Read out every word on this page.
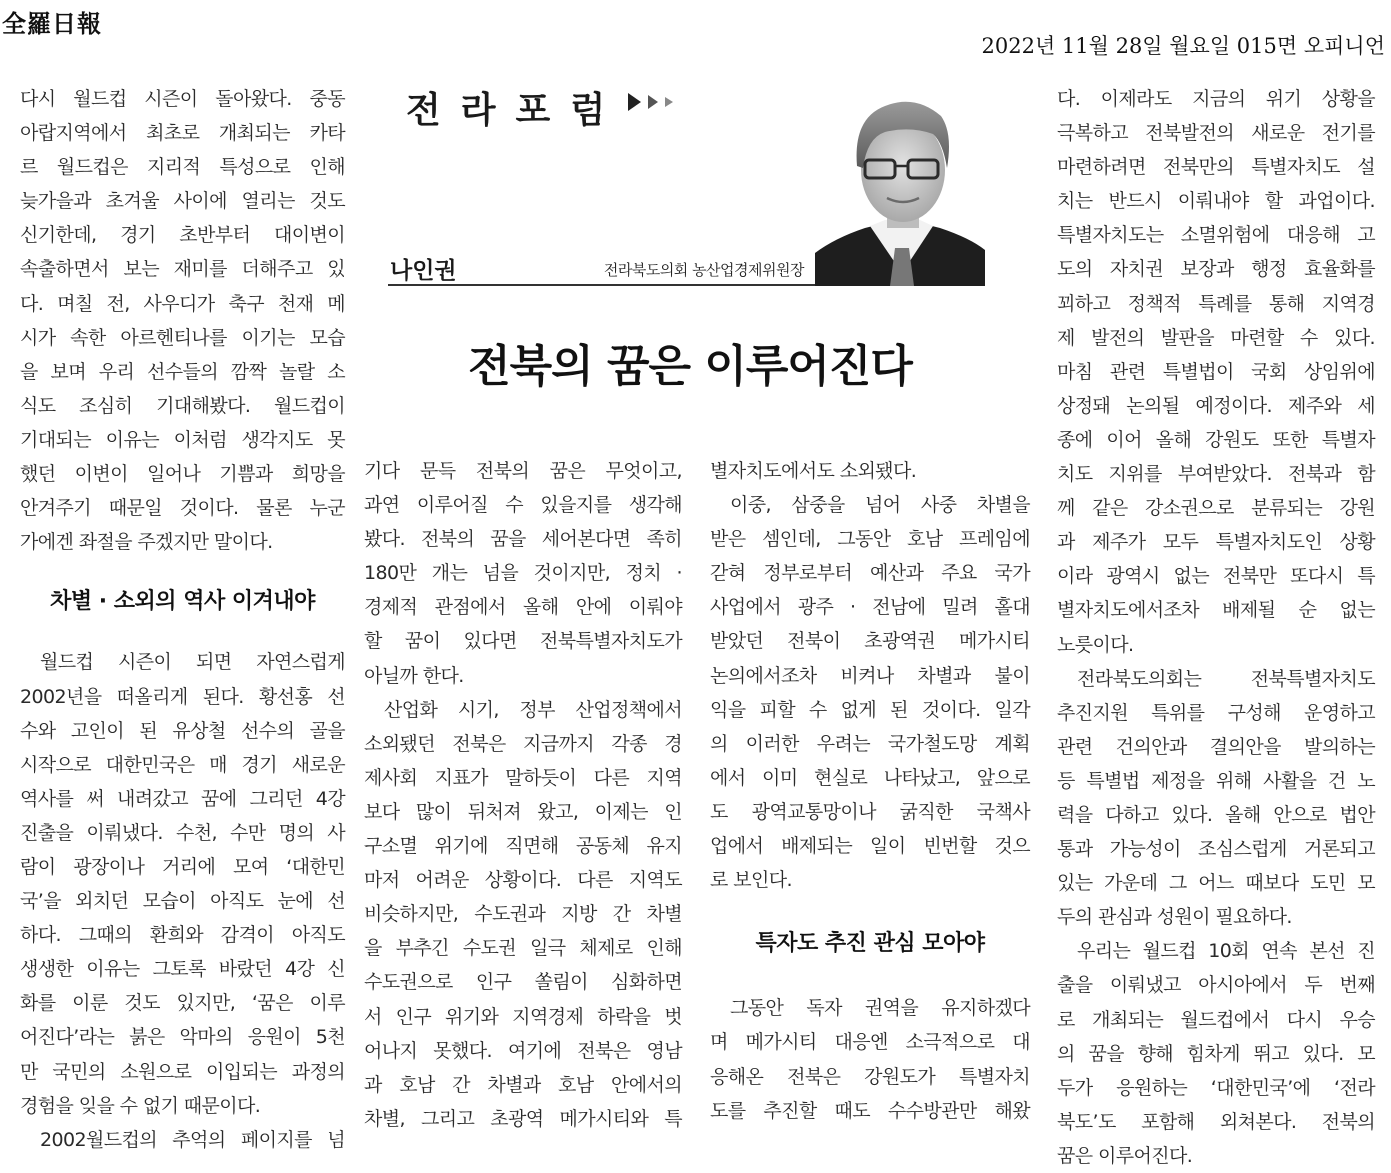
全羅日報
2022년 11월 28일 월요일 015면 오피니언
전라포럼
나인권	전라북도의회 농산업경제위원장
전북의 꿈은 이루어진다

다시 월드컵 시즌이 돌아왔다. 중동
아랍지역에서 최초로 개최되는 카타
르 월드컵은 지리적 특성으로 인해
늦가을과 초겨울 사이에 열리는 것도
신기한데, 경기 초반부터 대이변이
속출하면서 보는 재미를 더해주고 있
다. 며칠 전, 사우디가 축구 천재 메
시가 속한 아르헨티나를 이기는 모습
을 보며 우리 선수들의 깜짝 놀랄 소
식도 조심히 기대해봤다. 월드컵이
기대되는 이유는 이처럼 생각지도 못
했던 이변이 일어나 기쁨과 희망을
안겨주기 때문일 것이다. 물론 누군
가에겐 좌절을 주겠지만 말이다.

차별 · 소외의 역사 이겨내야

월드컵 시즌이 되면 자연스럽게
2002년을 떠올리게 된다. 황선홍 선
수와 고인이 된 유상철 선수의 골을
시작으로 대한민국은 매 경기 새로운
역사를 써 내려갔고 꿈에 그리던 4강
진출을 이뤄냈다. 수천, 수만 명의 사
람이 광장이나 거리에 모여 ‘대한민
국’을 외치던 모습이 아직도 눈에 선
하다. 그때의 환희와 감격이 아직도
생생한 이유는 그토록 바랐던 4강 신
화를 이룬 것도 있지만, ‘꿈은 이루
어진다’라는 붉은 악마의 응원이 5천
만 국민의 소원으로 이입되는 과정의
경험을 잊을 수 없기 때문이다.
2002월드컵의 추억의 페이지를 넘

기다 문득 전북의 꿈은 무엇이고,
과연 이루어질 수 있을지를 생각해
봤다. 전북의 꿈을 세어본다면 족히
180만 개는 넘을 것이지만, 정치 ·
경제적 관점에서 올해 안에 이뤄야
할 꿈이 있다면 전북특별자치도가
아닐까 한다.
산업화 시기, 정부 산업정책에서
소외됐던 전북은 지금까지 각종 경
제사회 지표가 말하듯이 다른 지역
보다 많이 뒤처져 왔고, 이제는 인
구소멸 위기에 직면해 공동체 유지
마저 어려운 상황이다. 다른 지역도
비슷하지만, 수도권과 지방 간 차별
을 부추긴 수도권 일극 체제로 인해
수도권으로 인구 쏠림이 심화하면
서 인구 위기와 지역경제 하락을 벗
어나지 못했다. 여기에 전북은 영남
과 호남 간 차별과 호남 안에서의
차별, 그리고 초광역 메가시티와 특

별자치도에서도 소외됐다.
이중, 삼중을 넘어 사중 차별을
받은 셈인데, 그동안 호남 프레임에
갇혀 정부로부터 예산과 주요 국가
사업에서 광주 · 전남에 밀려 홀대
받았던 전북이 초광역권 메가시티
논의에서조차 비켜나 차별과 불이
익을 피할 수 없게 된 것이다. 일각
의 이러한 우려는 국가철도망 계획
에서 이미 현실로 나타났고, 앞으로
도 광역교통망이나 굵직한 국책사
업에서 배제되는 일이 빈번할 것으
로 보인다.

특자도 추진 관심 모아야

그동안 독자 권역을 유지하겠다
며 메가시티 대응엔 소극적으로 대
응해온 전북은 강원도가 특별자치
도를 추진할 때도 수수방관만 해왔

다. 이제라도 지금의 위기 상황을
극복하고 전북발전의 새로운 전기를
마련하려면 전북만의 특별자치도 설
치는 반드시 이뤄내야 할 과업이다.
특별자치도는 소멸위험에 대응해 고
도의 자치권 보장과 행정 효율화를
꾀하고 정책적 특례를 통해 지역경
제 발전의 발판을 마련할 수 있다.
마침 관련 특별법이 국회 상임위에
상정돼 논의될 예정이다. 제주와 세
종에 이어 올해 강원도 또한 특별자
치도 지위를 부여받았다. 전북과 함
께 같은 강소권으로 분류되는 강원
과 제주가 모두 특별자치도인 상황
이라 광역시 없는 전북만 또다시 특
별자치도에서조차 배제될 순 없는
노릇이다.
전라북도의회는 전북특별자치도
추진지원 특위를 구성해 운영하고
관련 건의안과 결의안을 발의하는
등 특별법 제정을 위해 사활을 건 노
력을 다하고 있다. 올해 안으로 법안
통과 가능성이 조심스럽게 거론되고
있는 가운데 그 어느 때보다 도민 모
두의 관심과 성원이 필요하다.
우리는 월드컵 10회 연속 본선 진
출을 이뤄냈고 아시아에서 두 번째
로 개최되는 월드컵에서 다시 우승
의 꿈을 향해 힘차게 뛰고 있다. 모
두가 응원하는 ‘대한민국’에 ‘전라
북도’도 포함해 외쳐본다. 전북의
꿈은 이루어진다.
